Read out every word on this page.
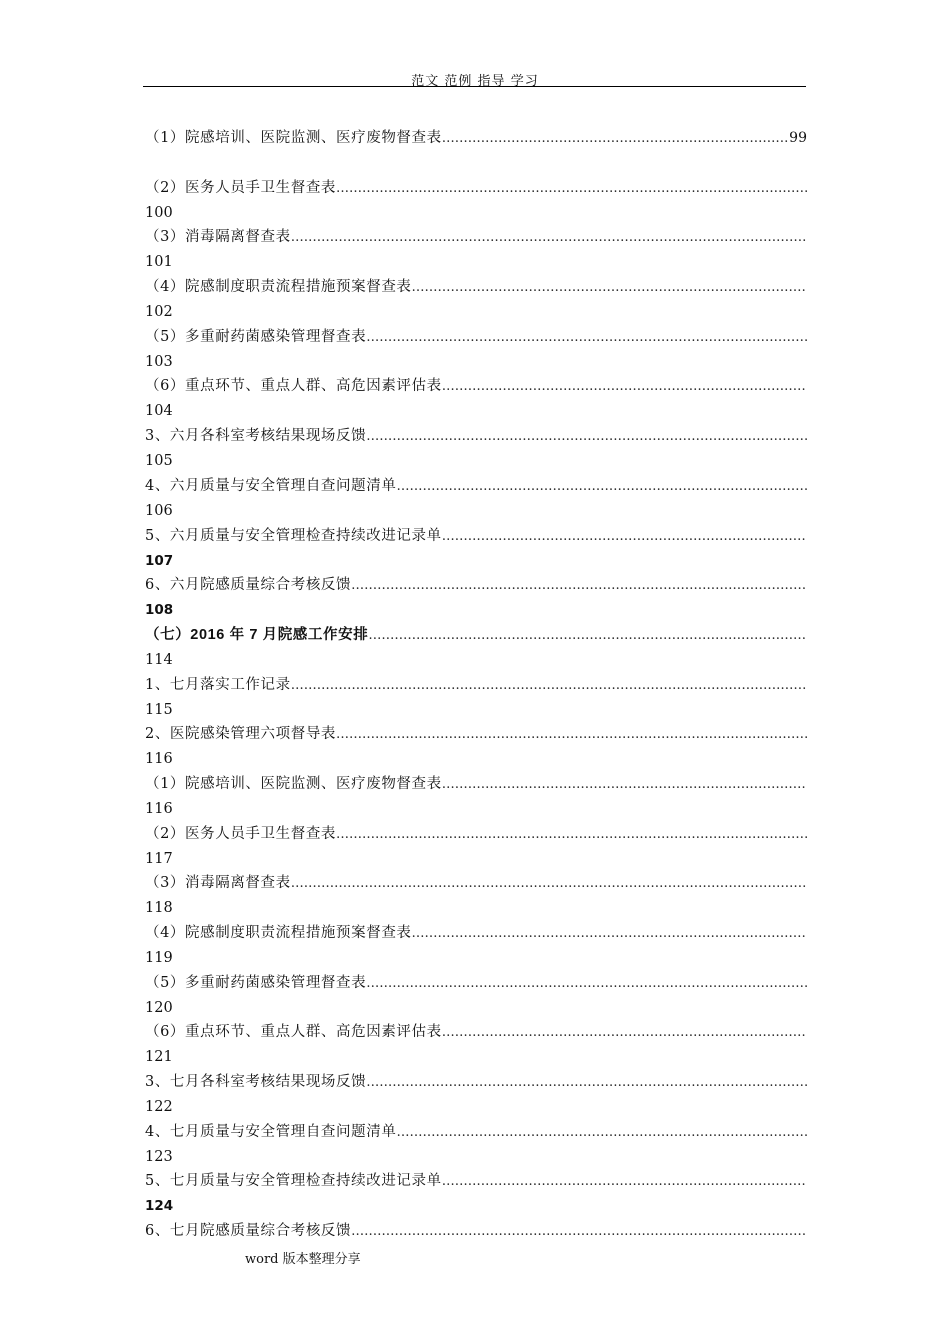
范文 范例 指导 学习
（1）院感培训、医院监测、医疗废物督查表
……………………………………………………………………………………………………………………………………………………	99
（2）医务人员手卫生督查表
……………………………………………………………………………………………………………………………………………………
100
（3）消毒隔离督查表
……………………………………………………………………………………………………………………………………………………
101
（4）院感制度职责流程措施预案督查表
……………………………………………………………………………………………………………………………………………………
102
（5）多重耐药菌感染管理督查表
……………………………………………………………………………………………………………………………………………………
103
（6）重点环节、重点人群、高危因素评估表
……………………………………………………………………………………………………………………………………………………
104
3、六月各科室考核结果现场反馈
……………………………………………………………………………………………………………………………………………………
105
4、六月质量与安全管理自查问题清单
……………………………………………………………………………………………………………………………………………………
106
5、六月质量与安全管理检查持续改进记录单
……………………………………………………………………………………………………………………………………………………
107
6、六月院感质量综合考核反馈
……………………………………………………………………………………………………………………………………………………
108
（七）2016 年 7 月院感工作安排
……………………………………………………………………………………………………………………………………………………
114
1、七月落实工作记录
……………………………………………………………………………………………………………………………………………………
115
2、医院感染管理六项督导表
……………………………………………………………………………………………………………………………………………………
116
（1）院感培训、医院监测、医疗废物督查表
……………………………………………………………………………………………………………………………………………………
116
（2）医务人员手卫生督查表
……………………………………………………………………………………………………………………………………………………
117
（3）消毒隔离督查表
……………………………………………………………………………………………………………………………………………………
118
（4）院感制度职责流程措施预案督查表
……………………………………………………………………………………………………………………………………………………
119
（5）多重耐药菌感染管理督查表
……………………………………………………………………………………………………………………………………………………
120
（6）重点环节、重点人群、高危因素评估表
……………………………………………………………………………………………………………………………………………………
121
3、七月各科室考核结果现场反馈
……………………………………………………………………………………………………………………………………………………
122
4、七月质量与安全管理自查问题清单
……………………………………………………………………………………………………………………………………………………
123
5、七月质量与安全管理检查持续改进记录单
……………………………………………………………………………………………………………………………………………………
124
6、七月院感质量综合考核反馈
……………………………………………………………………………………………………………………………………………………
word 版本整理分享
